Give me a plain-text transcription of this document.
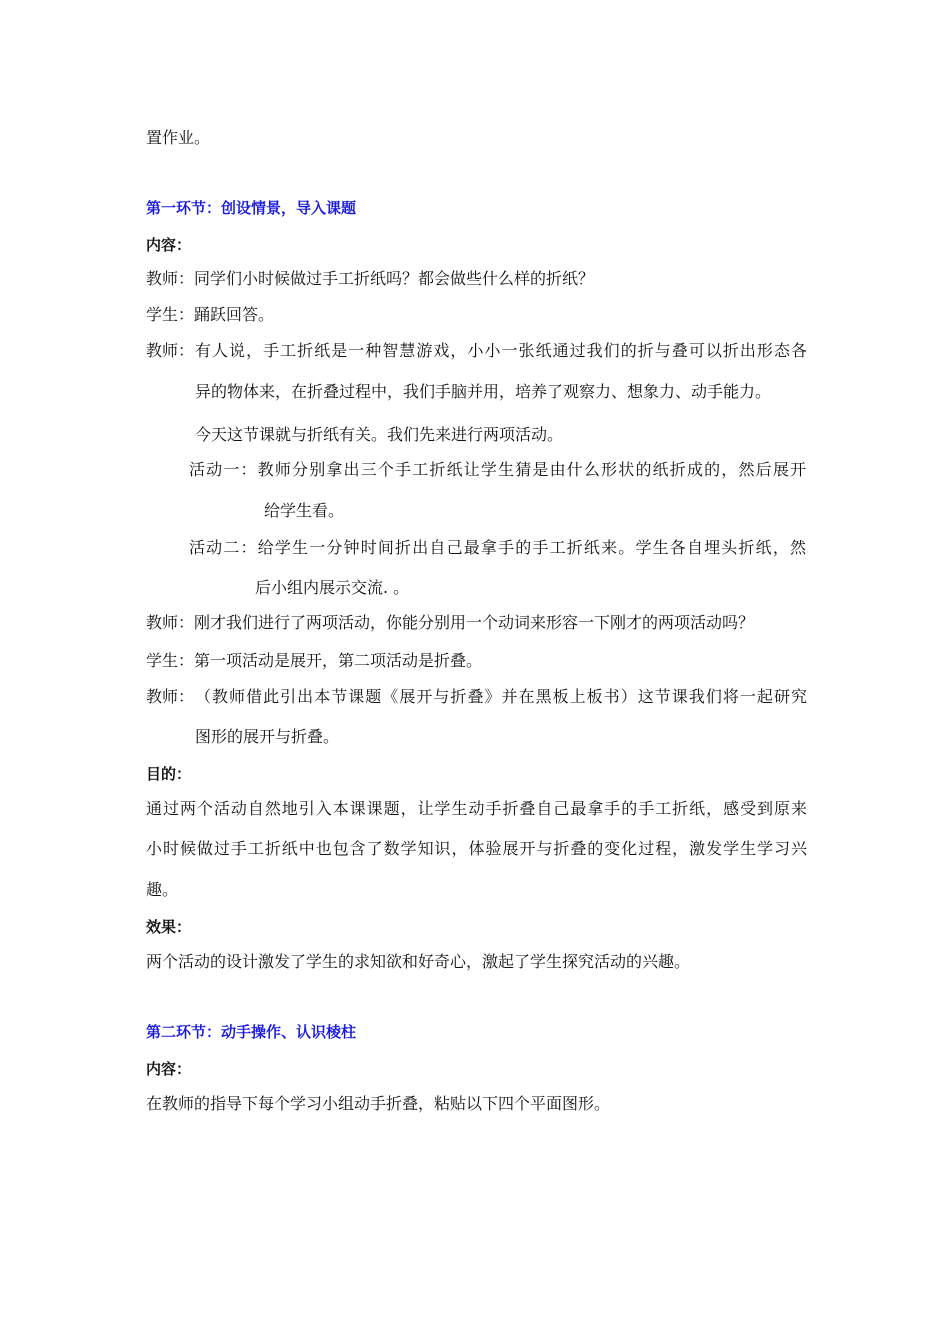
置作业。
第一环节：创设情景，导入课题
内容：
教师：同学们小时候做过手工折纸吗？都会做些什么样的折纸？
学生：踊跃回答。
教师： 有人说，手工折纸是一种智慧游戏，小小一张纸通过我们的折与叠可以折出形态各
异的物体来，在折叠过程中，我们手脑并用，培养了观察力、想象力、动手能力。
今天这节课就与折纸有关。我们先来进行两项活动。
活动一：教师分别拿出三个手工折纸让学生猜是由什么形状的纸折成的，然后展开
给学生看。
活动二：给学生一分钟时间折出自己最拿手的手工折纸来。学生各自埋头折纸，然
后小组内展示交流. 。
教师：刚才我们进行了两项活动，你能分别用一个动词来形容一下刚才的两项活动吗？
学生：第一项活动是展开，第二项活动是折叠。
教师： （教师借此引出本节课题《展开与折叠》并在黑板上板书）这节课我们将一起研究
图形的展开与折叠。
目的：
通过两个活动自然地引入本课课题，让学生动手折叠自己最拿手的手工折纸，感受到原来
小时候做过手工折纸中也包含了数学知识，体验展开与折叠的变化过程，激发学生学习兴
趣。
效果：
两个活动的设计激发了学生的求知欲和好奇心，激起了学生探究活动的兴趣。
第二环节：动手操作、认识棱柱
内容：
在教师的指导下每个学习小组动手折叠，粘贴以下四个平面图形。
